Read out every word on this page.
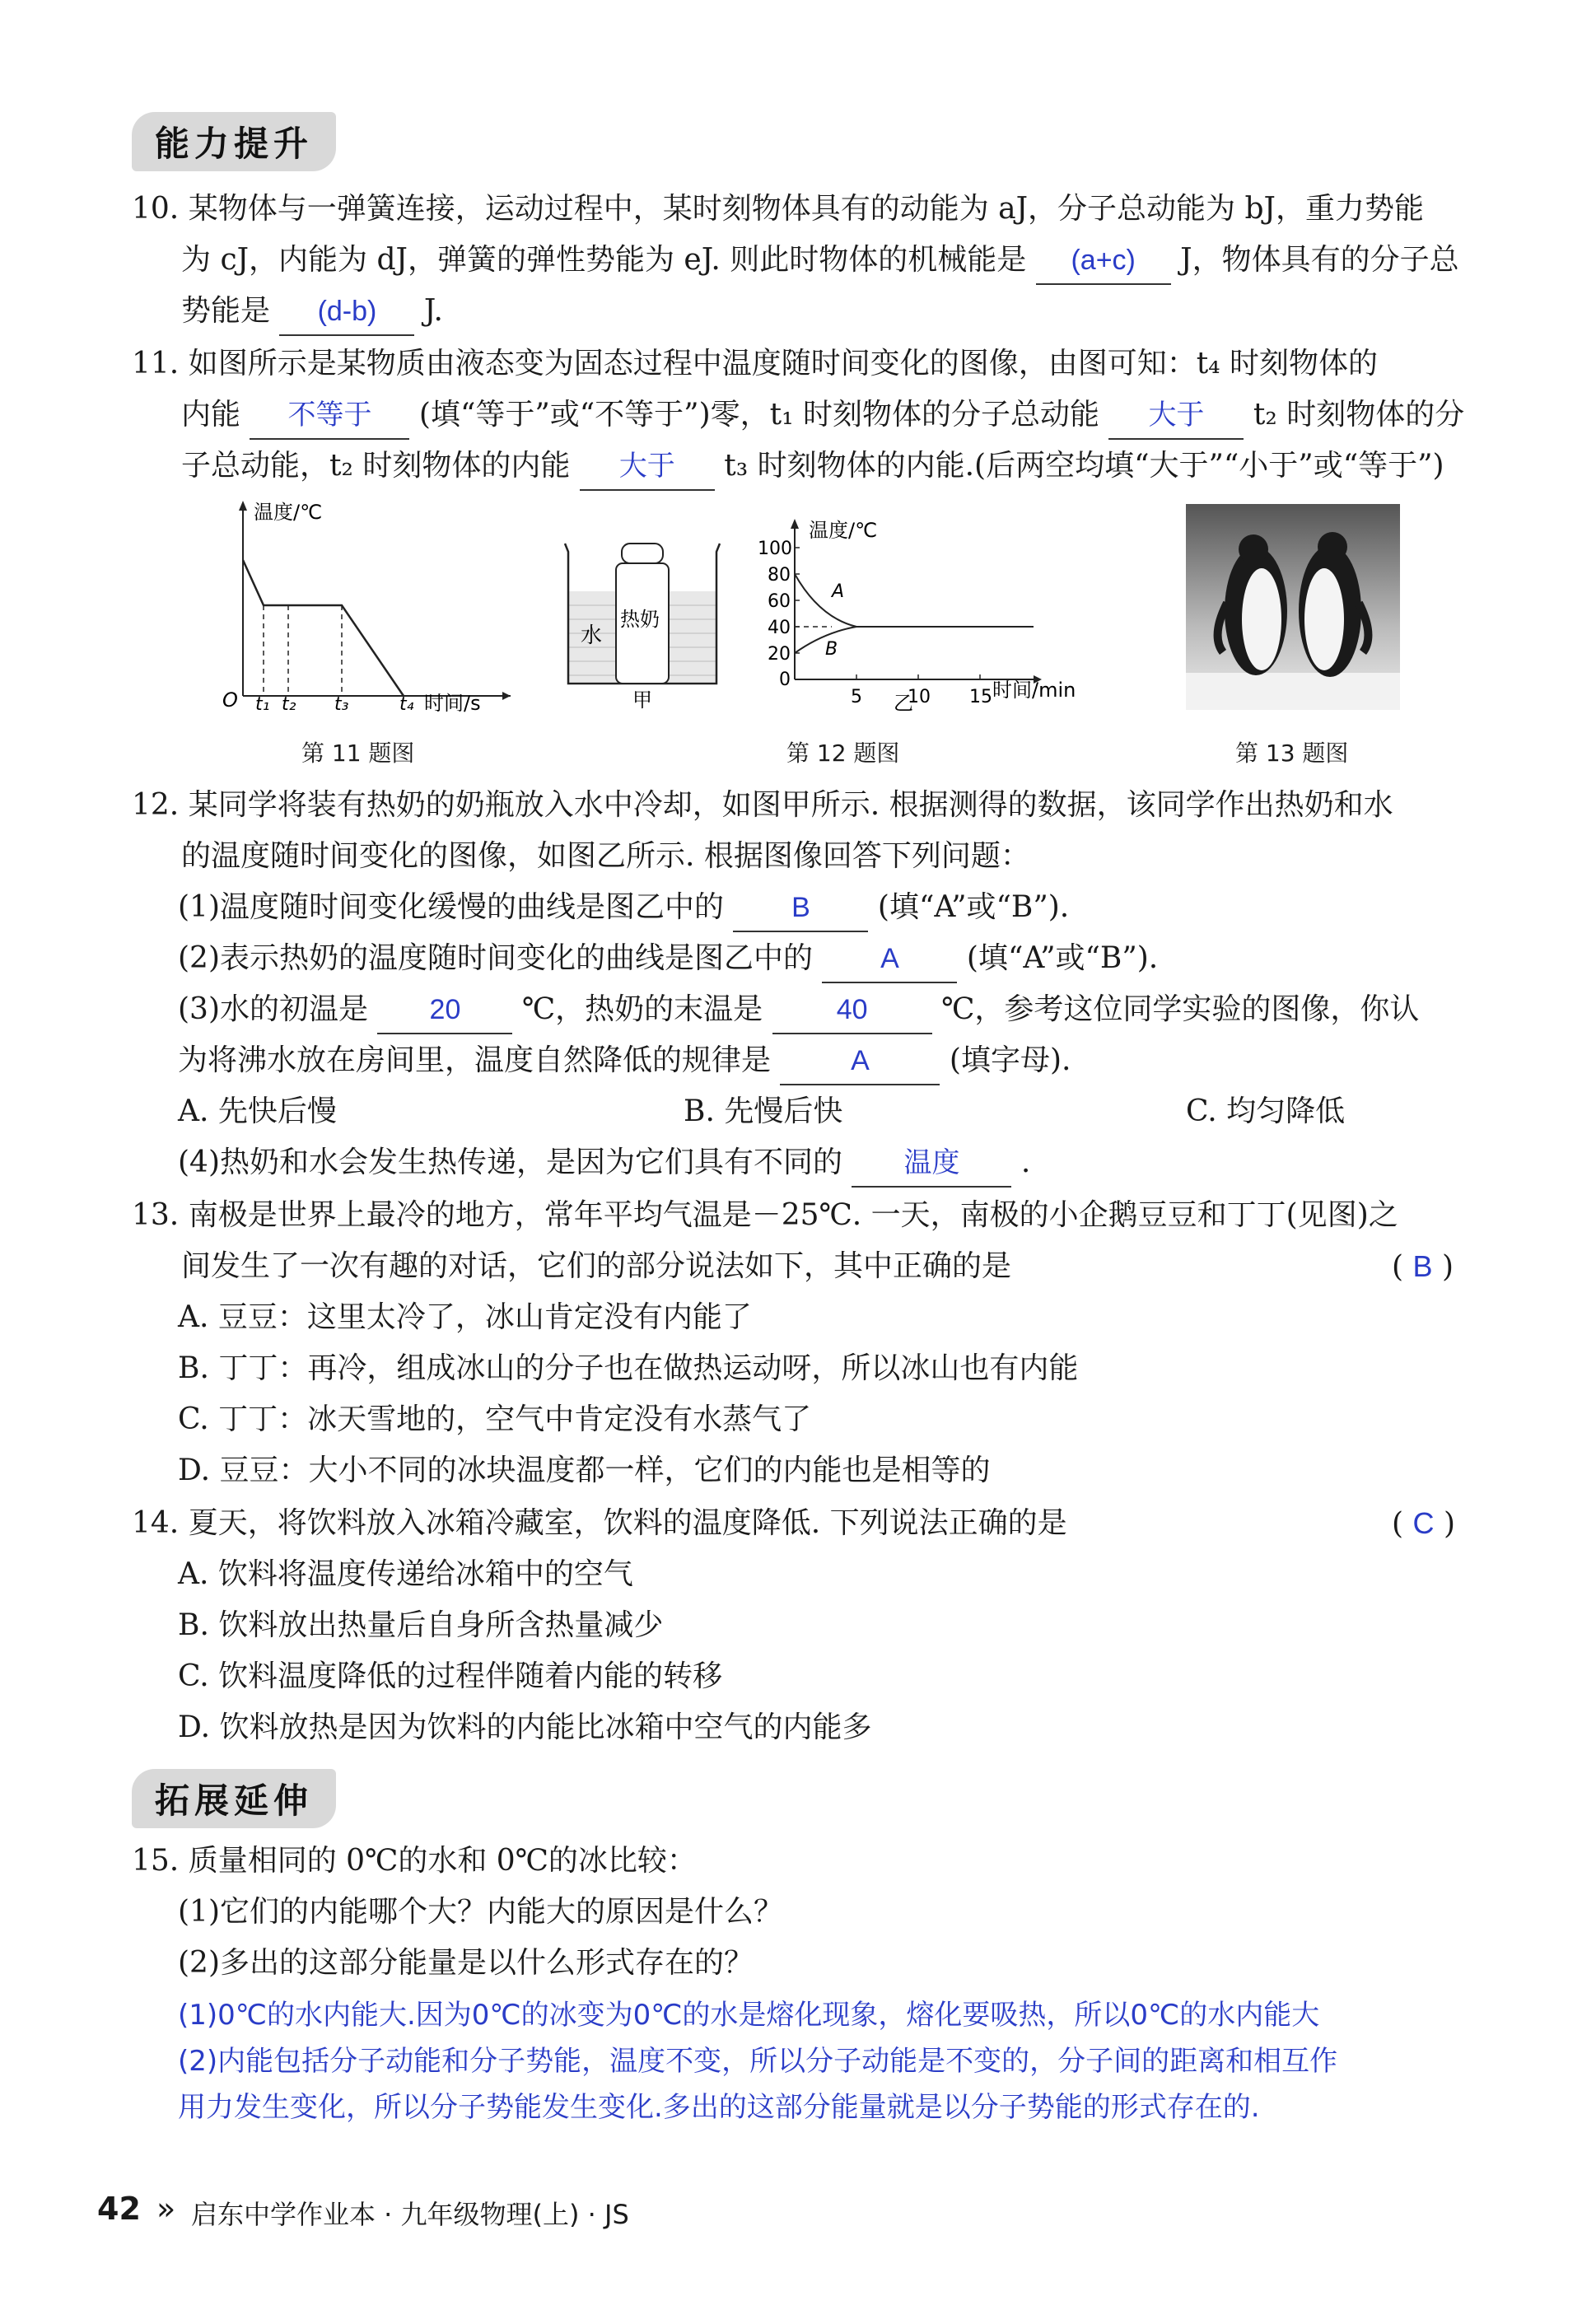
能力提升
10. 某物体与一弹簧连接，运动过程中，某时刻物体具有的动能为 aJ，分子总动能为 bJ，重力势能
为 cJ，内能为 dJ，弹簧的弹性势能为 eJ. 则此时物体的机械能是 (a+c) J，物体具有的分子总
势能是 (d-b) J.
11. 如图所示是某物质由液态变为固态过程中温度随时间变化的图像，由图可知：t₄ 时刻物体的
内能 不等于 (填“等于”或“不等于”)零，t₁ 时刻物体的分子总动能 大于 t₂ 时刻物体的分
子总动能，t₂ 时刻物体的内能 大于 t₃ 时刻物体的内能.(后两空均填“大于”“小于”或“等于”)
温度/℃
O t₁ t₂ t₃	t₄ 时间/s
第 11 题图
水
热奶
甲
温度/℃
100
80
60
40
20
0
5	10 15 时间/min
A
B
乙
第 12 题图	第 13 题图
12. 某同学将装有热奶的奶瓶放入水中冷却，如图甲所示. 根据测得的数据，该同学作出热奶和水
的温度随时间变化的图像，如图乙所示. 根据图像回答下列问题：
(1)温度随时间变化缓慢的曲线是图乙中的 B (填“A”或“B”).
(2)表示热奶的温度随时间变化的曲线是图乙中的 A (填“A”或“B”).
(3)水的初温是 20 ℃，热奶的末温是	40 ℃，参考这位同学实验的图像，你认
为将沸水放在房间里，温度自然降低的规律是	A	(填字母).
A. 先快后慢	B. 先慢后快	C. 均匀降低
(4)热奶和水会发生热传递，是因为它们具有不同的 温度 .
13. 南极是世界上最冷的地方，常年平均气温是－25℃. 一天，南极的小企鹅豆豆和丁丁(见图)之
间发生了一次有趣的对话，它们的部分说法如下，其中正确的是	( B )
A. 豆豆：这里太冷了，冰山肯定没有内能了
B. 丁丁：再冷，组成冰山的分子也在做热运动呀，所以冰山也有内能
C. 丁丁：冰天雪地的，空气中肯定没有水蒸气了
D. 豆豆：大小不同的冰块温度都一样，它们的内能也是相等的
14. 夏天，将饮料放入冰箱冷藏室，饮料的温度降低. 下列说法正确的是	( C )
A. 饮料将温度传递给冰箱中的空气
B. 饮料放出热量后自身所含热量减少
C. 饮料温度降低的过程伴随着内能的转移
D. 饮料放热是因为饮料的内能比冰箱中空气的内能多
拓展延伸
15. 质量相同的 0℃的水和 0℃的冰比较：
(1)它们的内能哪个大？内能大的原因是什么？
(2)多出的这部分能量是以什么形式存在的？
(1)0℃的水内能大.因为0℃的冰变为0℃的水是熔化现象，熔化要吸热，所以0℃的水内能大
(2)内能包括分子动能和分子势能，温度不变，所以分子动能是不变的，分子间的距离和相互作
用力发生变化，所以分子势能发生变化.多出的这部分能量就是以分子势能的形式存在的.
42 » 启东中学作业本 · 九年级物理(上) · JS
